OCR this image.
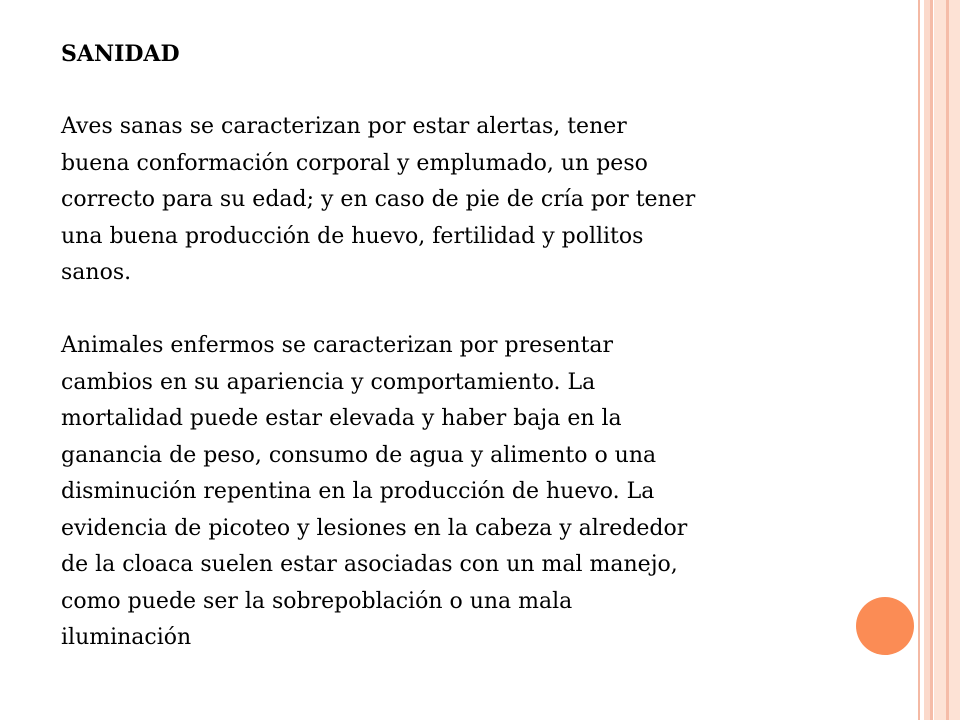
SANIDAD

Aves sanas se caracterizan por estar alertas, tener
buena conformación corporal y emplumado, un peso
correcto para su edad; y en caso de pie de cría por tener
una buena producción de huevo, fertilidad y pollitos
sanos.

Animales enfermos se caracterizan por presentar
cambios en su apariencia y comportamiento. La
mortalidad puede estar elevada y haber baja en la
ganancia de peso, consumo de agua y alimento o una
disminución repentina en la producción de huevo. La
evidencia de picoteo y lesiones en la cabeza y alrededor
de la cloaca suelen estar asociadas con un mal manejo,
como puede ser la sobrepoblación o una mala
iluminación
